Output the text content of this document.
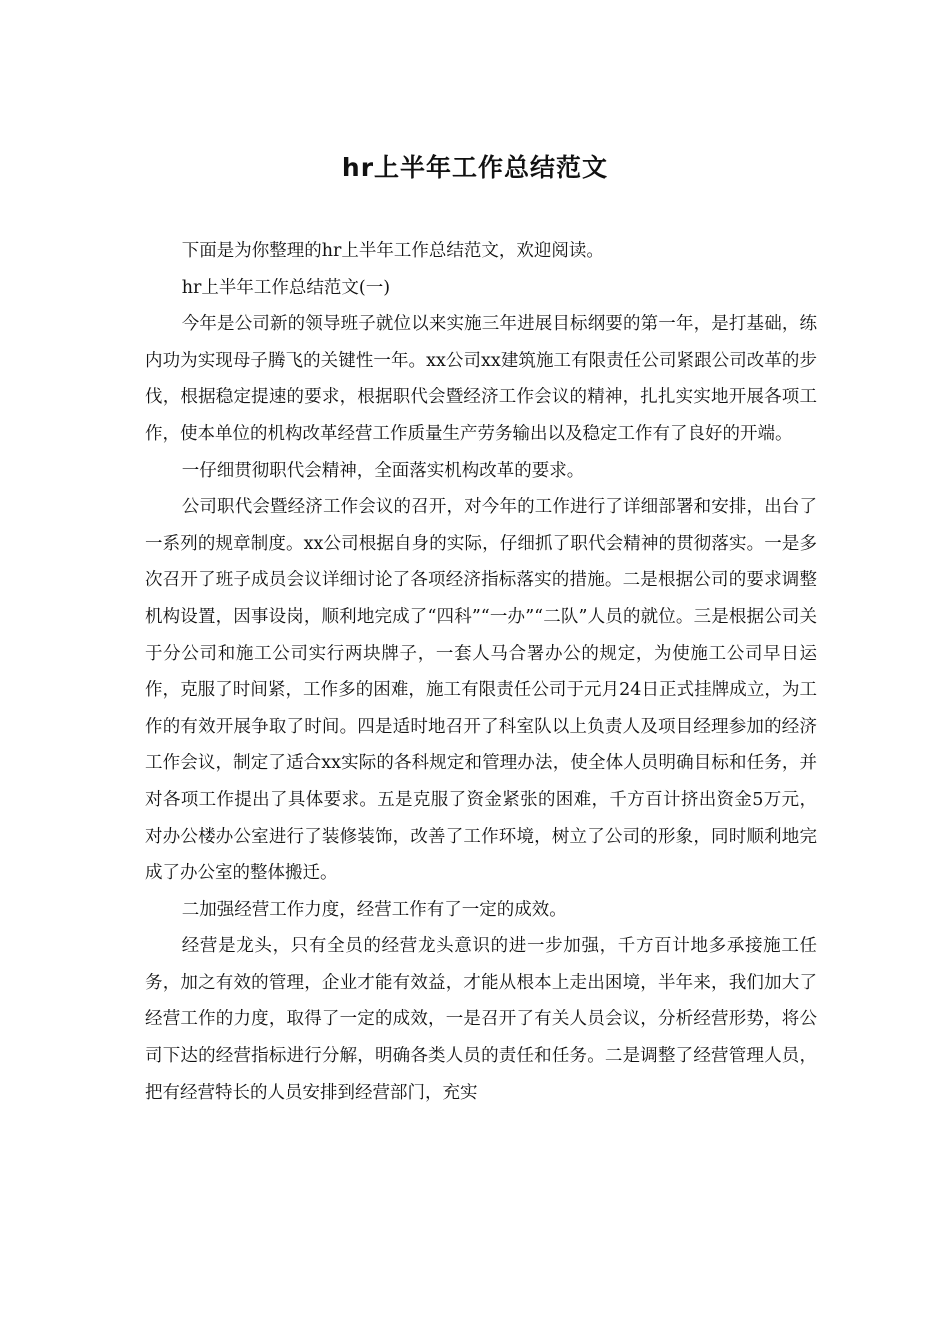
hr上半年工作总结范文

下面是为你整理的hr上半年工作总结范文，欢迎阅读。

hr上半年工作总结范文(一)

今年是公司新的领导班子就位以来实施三年进展目标纲要的第一年，是打基础，练内功为实现母子腾飞的关键性一年。xx公司xx建筑施工有限责任公司紧跟公司改革的步伐，根据稳定提速的要求，根据职代会暨经济工作会议的精神，扎扎实实地开展各项工作，使本单位的机构改革经营工作质量生产劳务输出以及稳定工作有了良好的开端。

一仔细贯彻职代会精神，全面落实机构改革的要求。

公司职代会暨经济工作会议的召开，对今年的工作进行了详细部署和安排，出台了一系列的规章制度。xx公司根据自身的实际，仔细抓了职代会精神的贯彻落实。一是多次召开了班子成员会议详细讨论了各项经济指标落实的措施。二是根据公司的要求调整机构设置，因事设岗，顺利地完成了“四科”“一办”“二队”人员的就位。三是根据公司关于分公司和施工公司实行两块牌子，一套人马合署办公的规定，为使施工公司早日运作，克服了时间紧，工作多的困难，施工有限责任公司于元月24日正式挂牌成立，为工作的有效开展争取了时间。四是适时地召开了科室队以上负责人及项目经理参加的经济工作会议，制定了适合xx实际的各科规定和管理办法，使全体人员明确目标和任务，并对各项工作提出了具体要求。五是克服了资金紧张的困难，千方百计挤出资金5万元，对办公楼办公室进行了装修装饰，改善了工作环境，树立了公司的形象，同时顺利地完成了办公室的整体搬迁。

二加强经营工作力度，经营工作有了一定的成效。

经营是龙头，只有全员的经营龙头意识的进一步加强，千方百计地多承接施工任务，加之有效的管理，企业才能有效益，才能从根本上走出困境，半年来，我们加大了经营工作的力度，取得了一定的成效，一是召开了有关人员会议，分析经营形势，将公司下达的经营指标进行分解，明确各类人员的责任和任务。二是调整了经营管理人员，把有经营特长的人员安排到经营部门，充实
